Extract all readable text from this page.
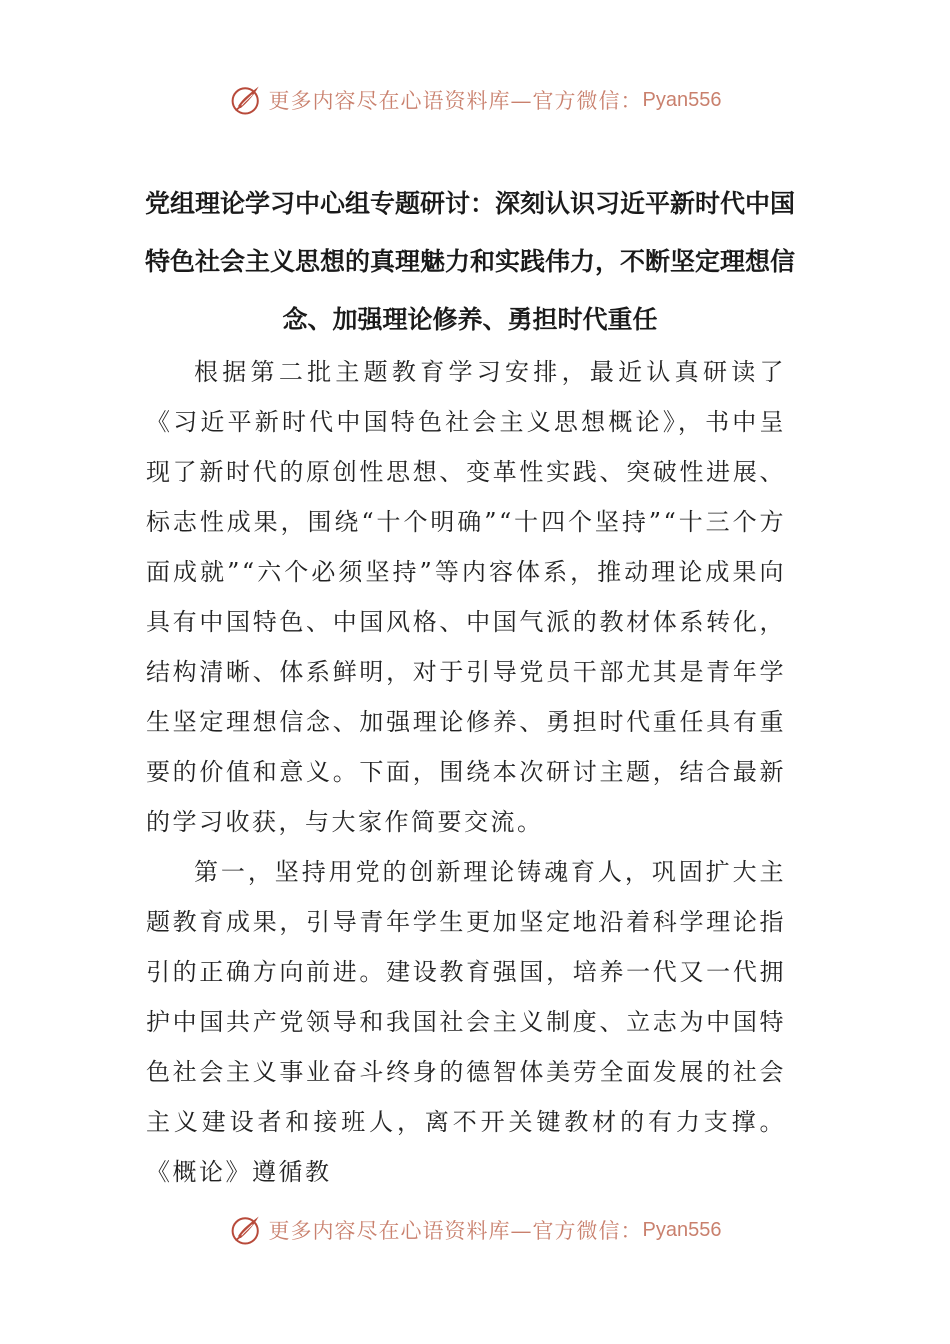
更多内容尽在心语资料库— 官方微信： Pyan556
党组理论学习中心组专题研讨：深刻认识习近平新时代中国特色社会主义思想的真理魅力和实践伟力，不断坚定理想信念、加强理论修养、勇担时代重任

根据第二批主题教育学习安排，最近认真研读了《习近平新时代中国特色社会主义思想概论》，书中呈现了新时代的原创性思想、变革性实践、突破性进展、标志性成果，围绕“十个明确”“十四个坚持”“十三个方面成就”“六个必须坚持”等内容体系，推动理论成果向具有中国特色、中国风格、中国气派的教材体系转化，结构清晰、体系鲜明，对于引导党员干部尤其是青年学生坚定理想信念、加强理论修养、勇担时代重任具有重要的价值和意义。下面，围绕本次研讨主题，结合最新的学习收获，与大家作简要交流。

第一，坚持用党的创新理论铸魂育人，巩固扩大主题教育成果，引导青年学生更加坚定地沿着科学理论指引的正确方向前进。建设教育强国，培养一代又一代拥护中国共产党领导和我国社会主义制度、立志为中国特色社会主义事业奋斗终身的德智体美劳全面发展的社会主义建设者和接班人，离不开关键教材的有力支撑。《概论》遵循教

更多内容尽在心语资料库— 官方微信： Pyan556
